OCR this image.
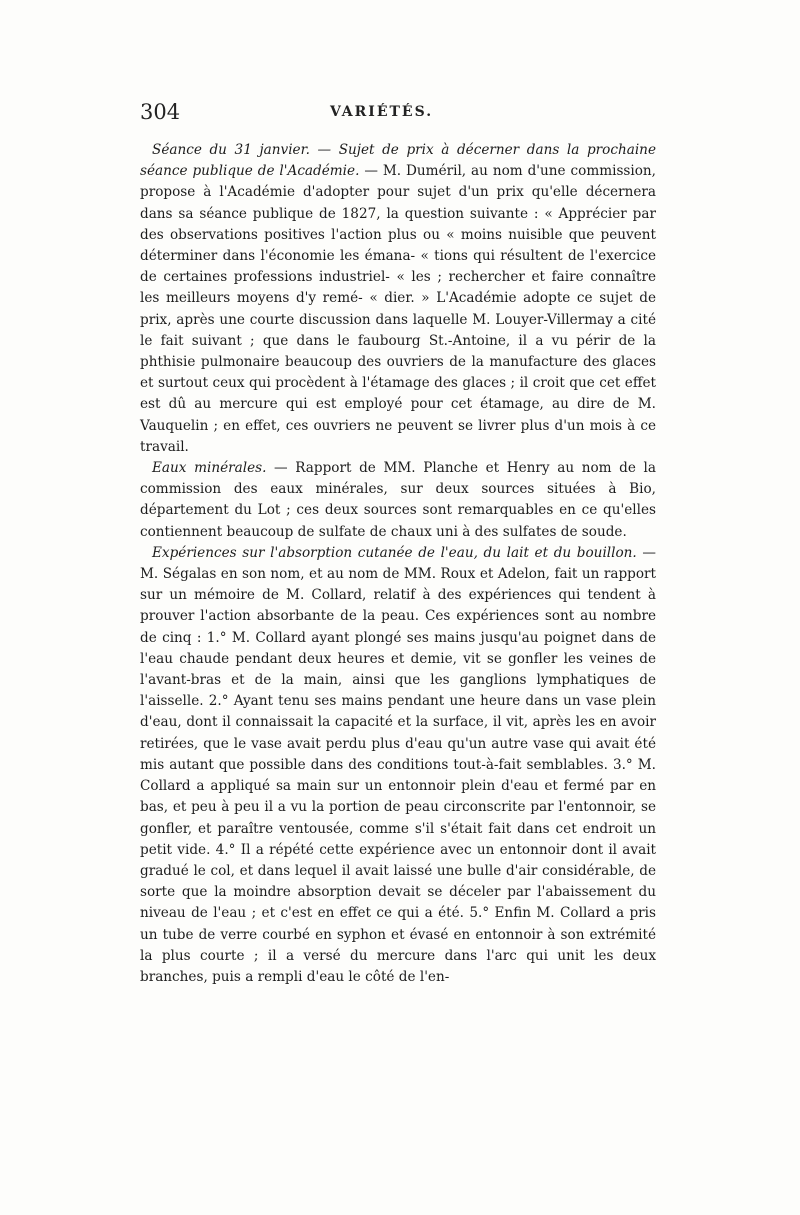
304	VARIÉTÉS.

Séance du 31 janvier. — Sujet de prix à décerner dans la prochaine séance publique de l'Académie. — M. Duméril, au nom d'une commission, propose à l'Académie d'adopter pour sujet d'un prix qu'elle décernera dans sa séance publique de 1827, la question suivante : « Apprécier par des observations positives l'action plus ou « moins nuisible que peuvent déterminer dans l'économie les émana- « tions qui résultent de l'exercice de certaines professions industriel- « les ; rechercher et faire connaître les meilleurs moyens d'y remé- « dier. » L'Académie adopte ce sujet de prix, après une courte discussion dans laquelle M. Louyer-Villermay a cité le fait suivant ; que dans le faubourg St.-Antoine, il a vu périr de la phthisie pulmonaire beaucoup des ouvriers de la manufacture des glaces et surtout ceux qui procèdent à l'étamage des glaces ; il croit que cet effet est dû au mercure qui est employé pour cet étamage, au dire de M. Vauquelin ; en effet, ces ouvriers ne peuvent se livrer plus d'un mois à ce travail.

Eaux minérales. — Rapport de MM. Planche et Henry au nom de la commission des eaux minérales, sur deux sources situées à Bio, département du Lot ; ces deux sources sont remarquables en ce qu'elles contiennent beaucoup de sulfate de chaux uni à des sulfates de soude.

Expériences sur l'absorption cutanée de l'eau, du lait et du bouillon. — M. Ségalas en son nom, et au nom de MM. Roux et Adelon, fait un rapport sur un mémoire de M. Collard, relatif à des expériences qui tendent à prouver l'action absorbante de la peau. Ces expériences sont au nombre de cinq : 1.° M. Collard ayant plongé ses mains jusqu'au poignet dans de l'eau chaude pendant deux heures et demie, vit se gonfler les veines de l'avant-bras et de la main, ainsi que les ganglions lymphatiques de l'aisselle. 2.° Ayant tenu ses mains pendant une heure dans un vase plein d'eau, dont il connaissait la capacité et la surface, il vit, après les en avoir retirées, que le vase avait perdu plus d'eau qu'un autre vase qui avait été mis autant que possible dans des conditions tout-à-fait semblables. 3.° M. Collard a appliqué sa main sur un entonnoir plein d'eau et fermé par en bas, et peu à peu il a vu la portion de peau circonscrite par l'entonnoir, se gonfler, et paraître ventousée, comme s'il s'était fait dans cet endroit un petit vide. 4.° Il a répété cette expérience avec un entonnoir dont il avait gradué le col, et dans lequel il avait laissé une bulle d'air considérable, de sorte que la moindre absorption devait se déceler par l'abaissement du niveau de l'eau ; et c'est en effet ce qui a été. 5.° Enfin M. Collard a pris un tube de verre courbé en syphon et évasé en entonnoir à son extrémité la plus courte ; il a versé du mercure dans l'arc qui unit les deux branches, puis a rempli d'eau le côté de l'en-
